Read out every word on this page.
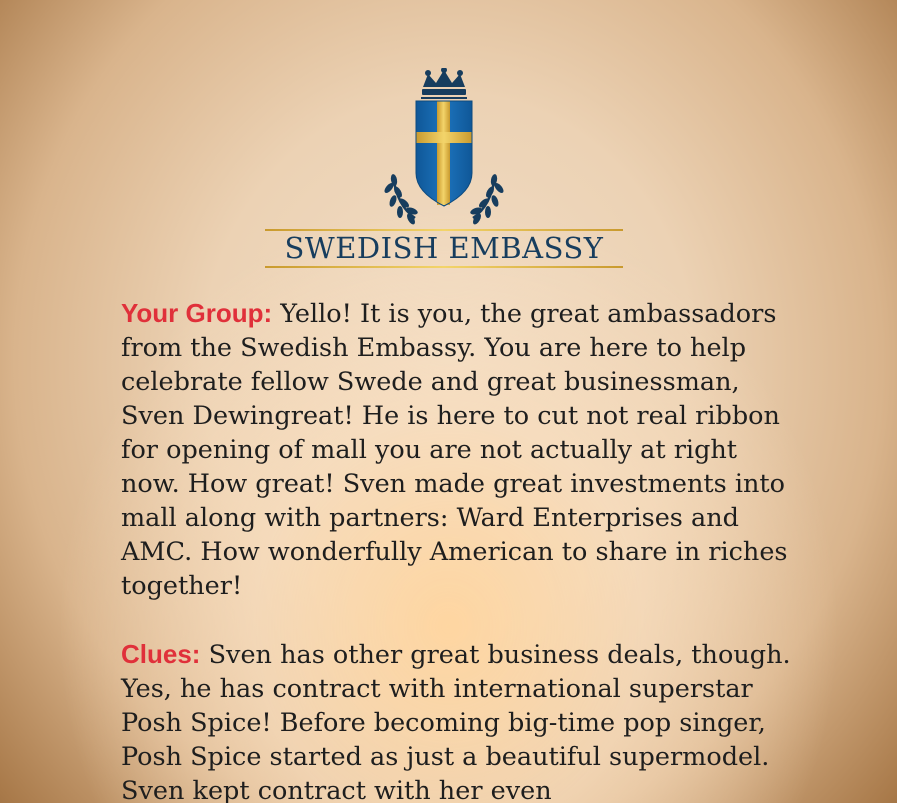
SWEDISH EMBASSY

Your Group: Yello! It is you, the great ambassadors from the Swedish Embassy. You are here to help celebrate fellow Swede and great businessman, Sven Dewingreat! He is here to cut not real ribbon for opening of mall you are not actually at right now. How great! Sven made great investments into mall along with partners: Ward Enterprises and AMC. How wonderfully American to share in riches together!

Clues: Sven has other great business deals, though. Yes, he has contract with international superstar Posh Spice! Before becoming big-time pop singer, Posh Spice started as just a beautiful supermodel. Sven kept contract with her even
